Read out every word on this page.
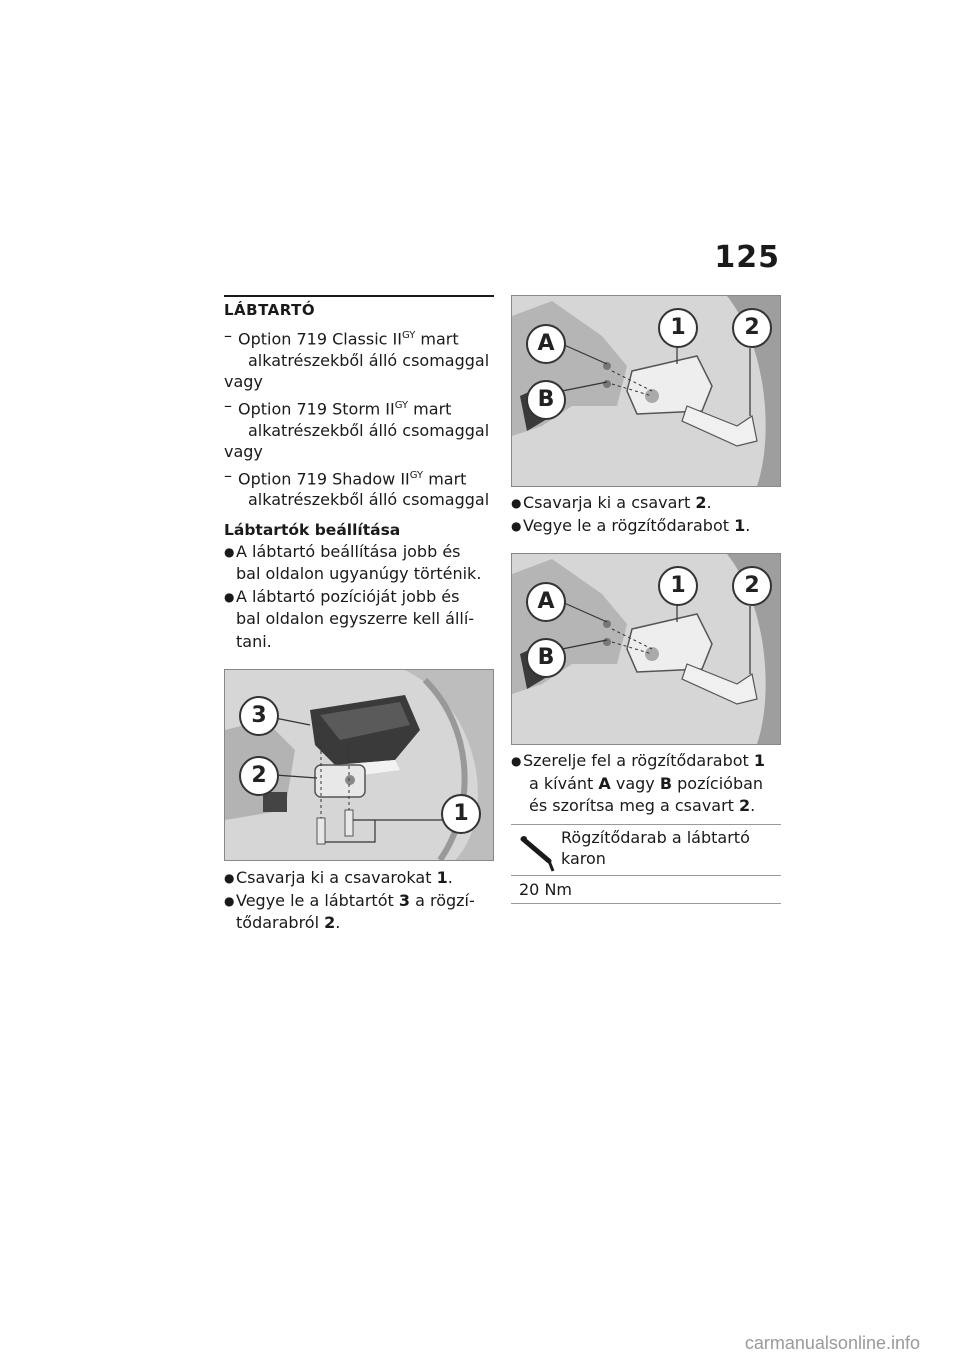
125
LÁBTARTÓ
– Option 719 Classic $II^{GY}$ mart
alkatrészekből álló csomaggal
vagy
– Option 719 Storm $II^{GY}$ mart
alkatrészekből álló csomaggal
vagy
– Option 719 Shadow $II^{GY}$ mart
alkatrészekből álló csomaggal
Lábtartók beállítása
● A lábtartó beállítása jobb és
bal oldalon ugyanúgy történik.
● A lábtartó pozícióját jobb és
bal oldalon egyszerre kell állí-
tani.
3
2
1
● Csavarja ki a csavarokat 1.
● Vegye le a lábtartót 3 a rögzí-
tődarabról 2.
A
B
1	2
● Csavarja ki a csavart 2.
● Vegye le a rögzítődarabot 1.
A
B
1	2
● Szerelje fel a rögzítődarabot 1
a kívánt A vagy B pozícióban
és szorítsa meg a csavart 2.
Rögzítődarab a lábtartó
karon
20 Nm
carmanualsonline.info
